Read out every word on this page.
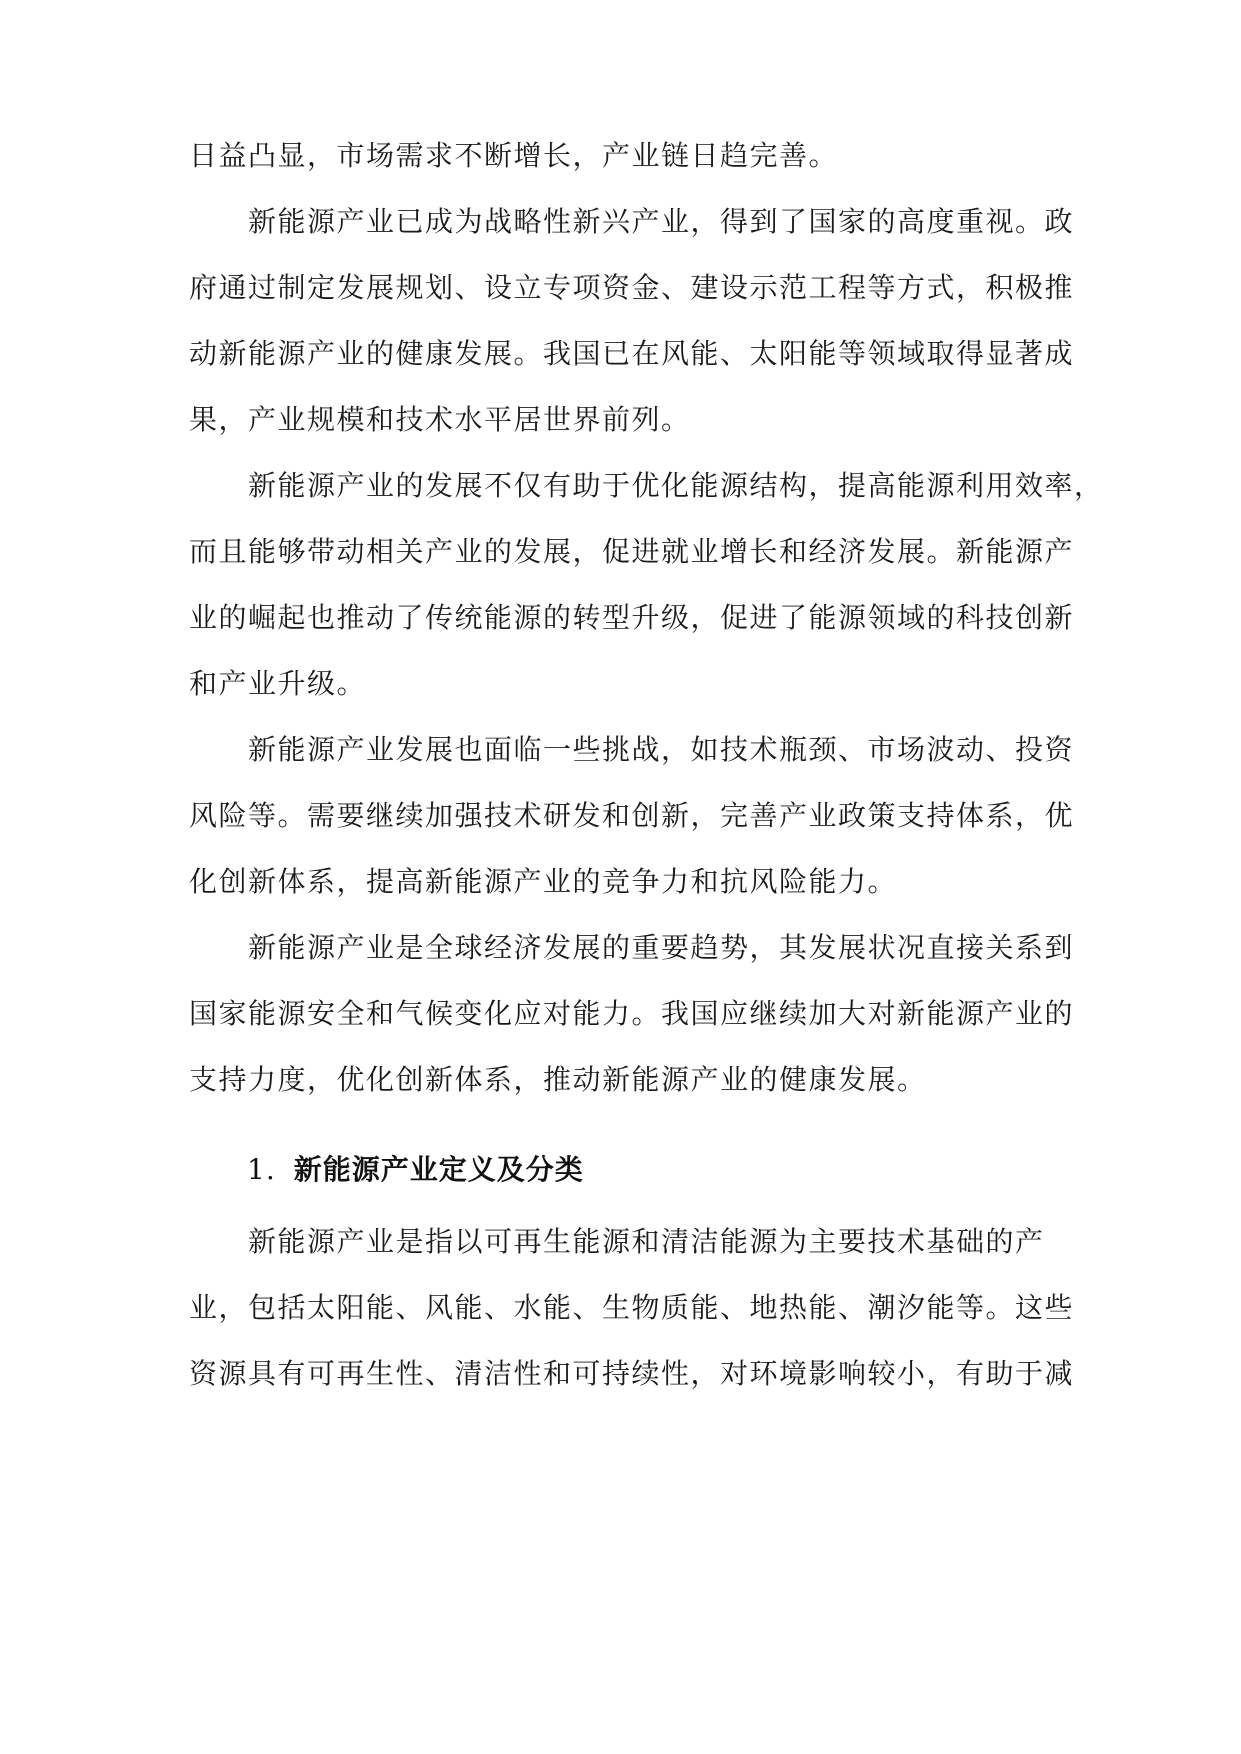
日益凸显，市场需求不断增长，产业链日趋完善。

新能源产业已成为战略性新兴产业，得到了国家的高度重视。政

府通过制定发展规划、设立专项资金、建设示范工程等方式，积极推

动新能源产业的健康发展。我国已在风能、太阳能等领域取得显著成

果，产业规模和技术水平居世界前列。

新能源产业的发展不仅有助于优化能源结构，提高能源利用效率，

而且能够带动相关产业的发展，促进就业增长和经济发展。新能源产

业的崛起也推动了传统能源的转型升级，促进了能源领域的科技创新

和产业升级。

新能源产业发展也面临一些挑战，如技术瓶颈、市场波动、投资

风险等。需要继续加强技术研发和创新，完善产业政策支持体系，优

化创新体系，提高新能源产业的竞争力和抗风险能力。

新能源产业是全球经济发展的重要趋势，其发展状况直接关系到

国家能源安全和气候变化应对能力。我国应继续加大对新能源产业的

支持力度，优化创新体系，推动新能源产业的健康发展。

1. 新能源产业定义及分类

新能源产业是指以可再生能源和清洁能源为主要技术基础的产

业，包括太阳能、风能、水能、生物质能、地热能、潮汐能等。这些

资源具有可再生性、清洁性和可持续性，对环境影响较小，有助于减
